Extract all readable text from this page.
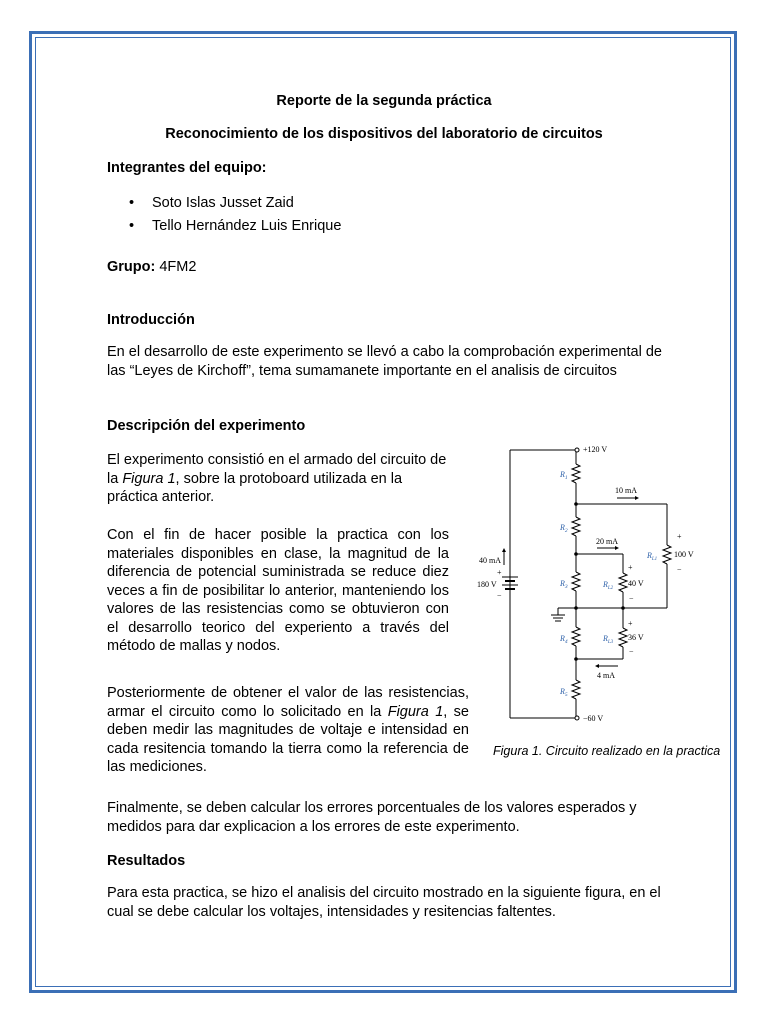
Reporte de la segunda práctica

Reconocimiento de los dispositivos del laboratorio de circuitos

Integrantes del equipo:

• Soto Islas Jusset Zaid
• Tello Hernández Luis Enrique

Grupo: 4FM2

Introducción

En el desarrollo de este experimento se llevó a cabo la comprobación experimental de las “Leyes de Kirchoff”, tema sumamanete importante en el analisis de circuitos

Descripción del experimento

El experimento consistió en el armado del circuito de la Figura 1, sobre la protoboard utilizada en la práctica anterior.

Con el fin de hacer posible la practica con los materiales disponibles en clase, la magnitud de la diferencia de potencial suministrada se reduce diez veces a fin de posibilitar lo anterior, manteniendo los valores de las resistencias como se obtuvieron con el desarrollo teorico del experiento a través del método de mallas y nodos.

Posteriormente de obtener el valor de las resistencias, armar el circuito como lo solicitado en la Figura 1, se deben medir las magnitudes de voltaje e intensidad en cada resitencia tomando la tierra como la referencia de las mediciones.

+120 V
−60 V
40 mA
+
180 V
−
10 mA
20 mA
4 mA
+
100 V
−
+
40 V
−
+
36 V
−
$R_1$
$R_2$
$R_3$
$R_4$
$R_5$
$R_{L1}$
$R_{L2}$
$R_{L3}$

Figura 1. Circuito realizado en la practica

Finalmente, se deben calcular los errores porcentuales de los valores esperados y medidos para dar explicacion a los errores de este experimento.

Resultados

Para esta practica, se hizo el analisis del circuito mostrado en la siguiente figura, en el cual se debe calcular los voltajes, intensidades y resitencias faltentes.
